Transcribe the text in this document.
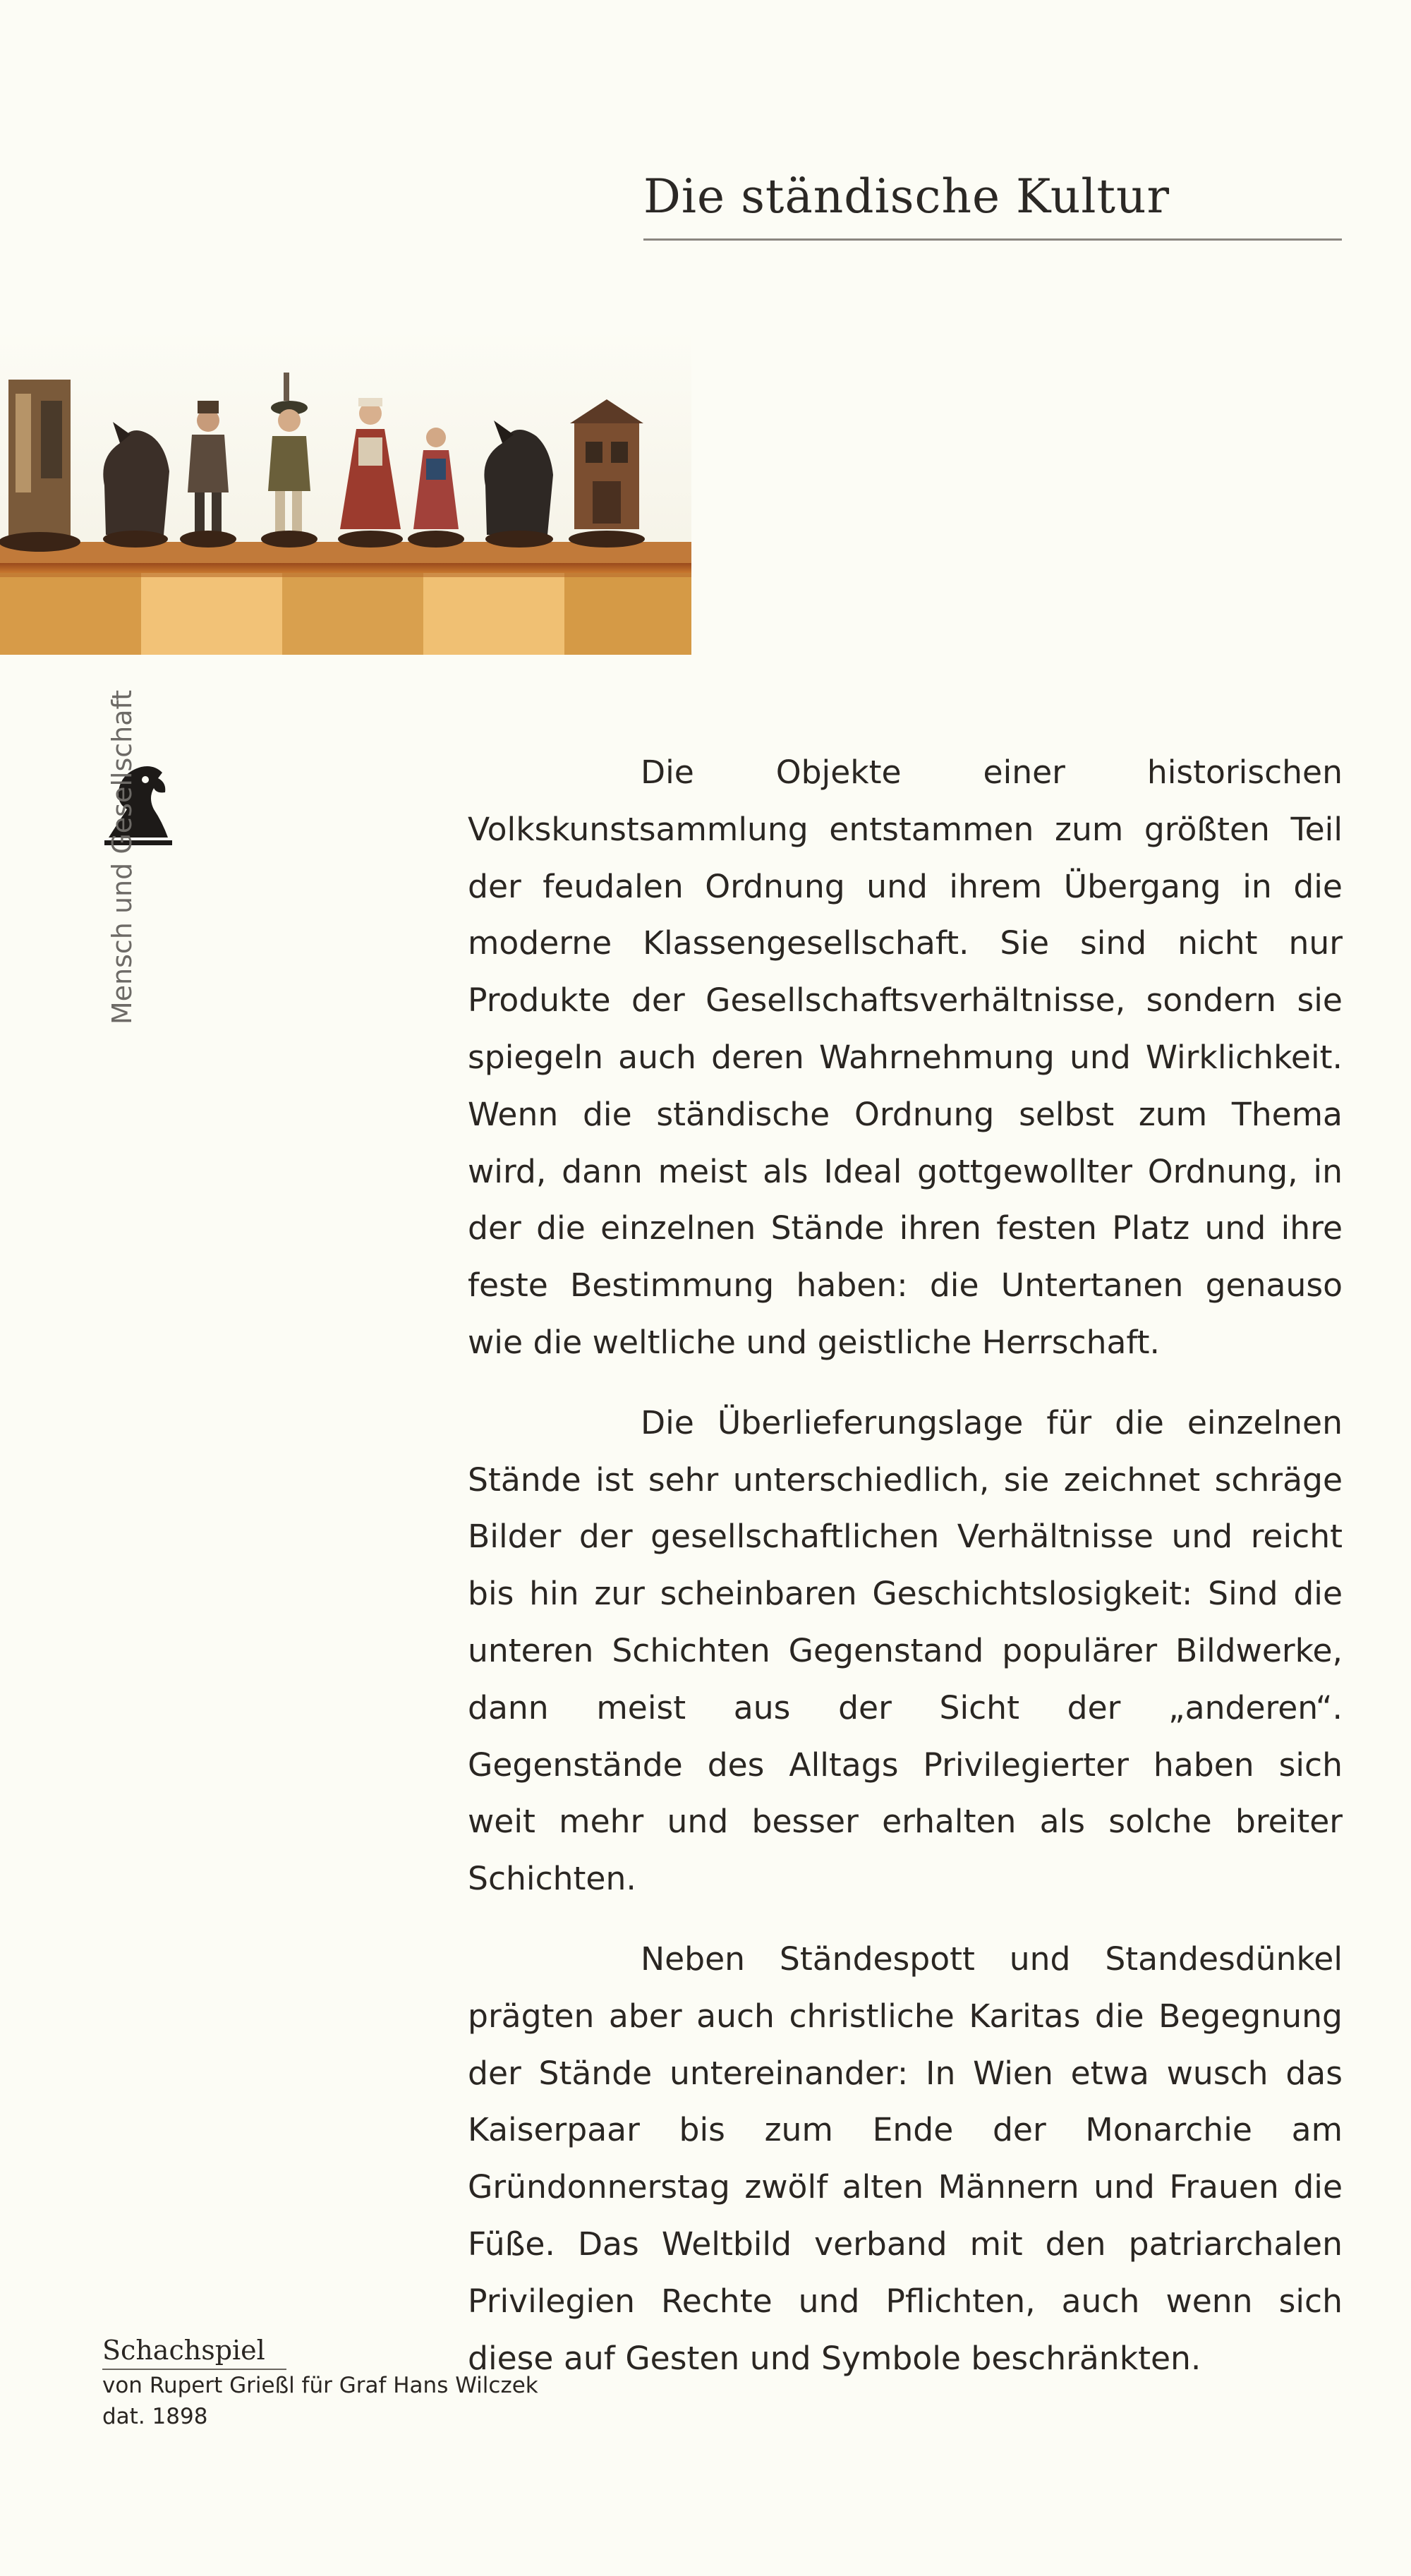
Die ständische Kultur
Mensch und Gesellschaft	Die Objekte einer historischen Volkskunstsammlung entstammen zum größten Teil der feudalen Ordnung und ihrem Übergang in die moderne Klassengesellschaft. Sie sind nicht nur Produkte der Gesellschaftsverhältnisse, sondern sie spiegeln auch deren Wahrnehmung und Wirklichkeit. Wenn die ständische Ordnung selbst zum Thema wird, dann meist als Ideal gottgewollter Ordnung, in der die einzelnen Stände ihren festen Platz und ihre feste Bestimmung haben: die Untertanen genauso wie die weltliche und geistliche Herrschaft.

Die Überlieferungslage für die einzelnen Stände ist sehr unterschiedlich, sie zeichnet schräge Bilder der gesellschaftlichen Verhältnisse und reicht bis hin zur scheinbaren Geschichtslosigkeit: Sind die unteren Schichten Gegenstand populärer Bildwerke, dann meist aus der Sicht der „anderen“. Gegenstände des Alltags Privilegierter haben sich weit mehr und besser erhalten als solche breiter Schichten.

Neben Ständespott und Standesdünkel prägten aber auch christliche Karitas die Begegnung der Stände untereinander: In Wien etwa wusch das Kaiserpaar bis zum Ende der Monarchie am Gründonnerstag zwölf alten Männern und Frauen die Füße. Das Weltbild verband mit den patriarchalen Privilegien Rechte und Pflichten, auch wenn sich diese auf Gesten und Symbole beschränkten.

Schachspiel
von Rupert Grießl für Graf Hans Wilczek
dat. 1898
